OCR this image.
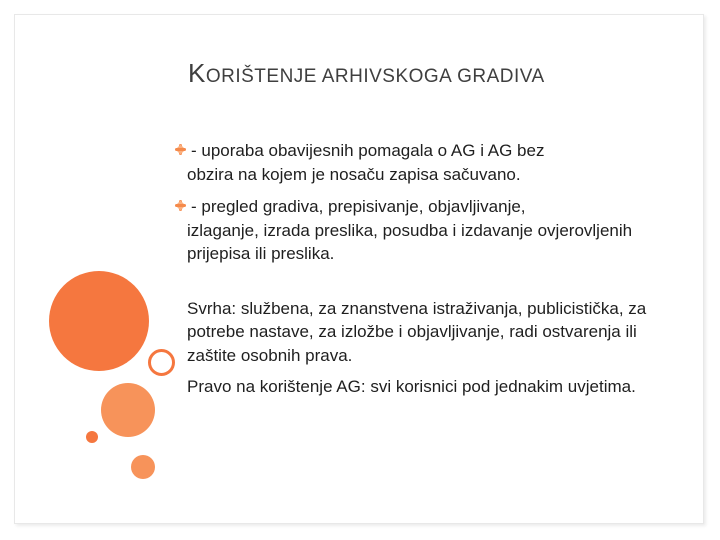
KORIŠTENJE ARHIVSKOGA GRADIVA

- uporaba obavijesnih pomagala o AG i AG bez
obzira na kojem je nosaču zapisa sačuvano.

- pregled gradiva, prepisivanje, objavljivanje,
izlaganje, izrada preslika, posudba i izdavanje ovjerovljenih prijepisa ili preslika.

Svrha: službena, za znanstvena istraživanja, publicistička, za potrebe nastave, za izložbe i objavljivanje, radi ostvarenja ili zaštite osobnih prava.

Pravo na korištenje AG: svi korisnici pod jednakim uvjetima.
